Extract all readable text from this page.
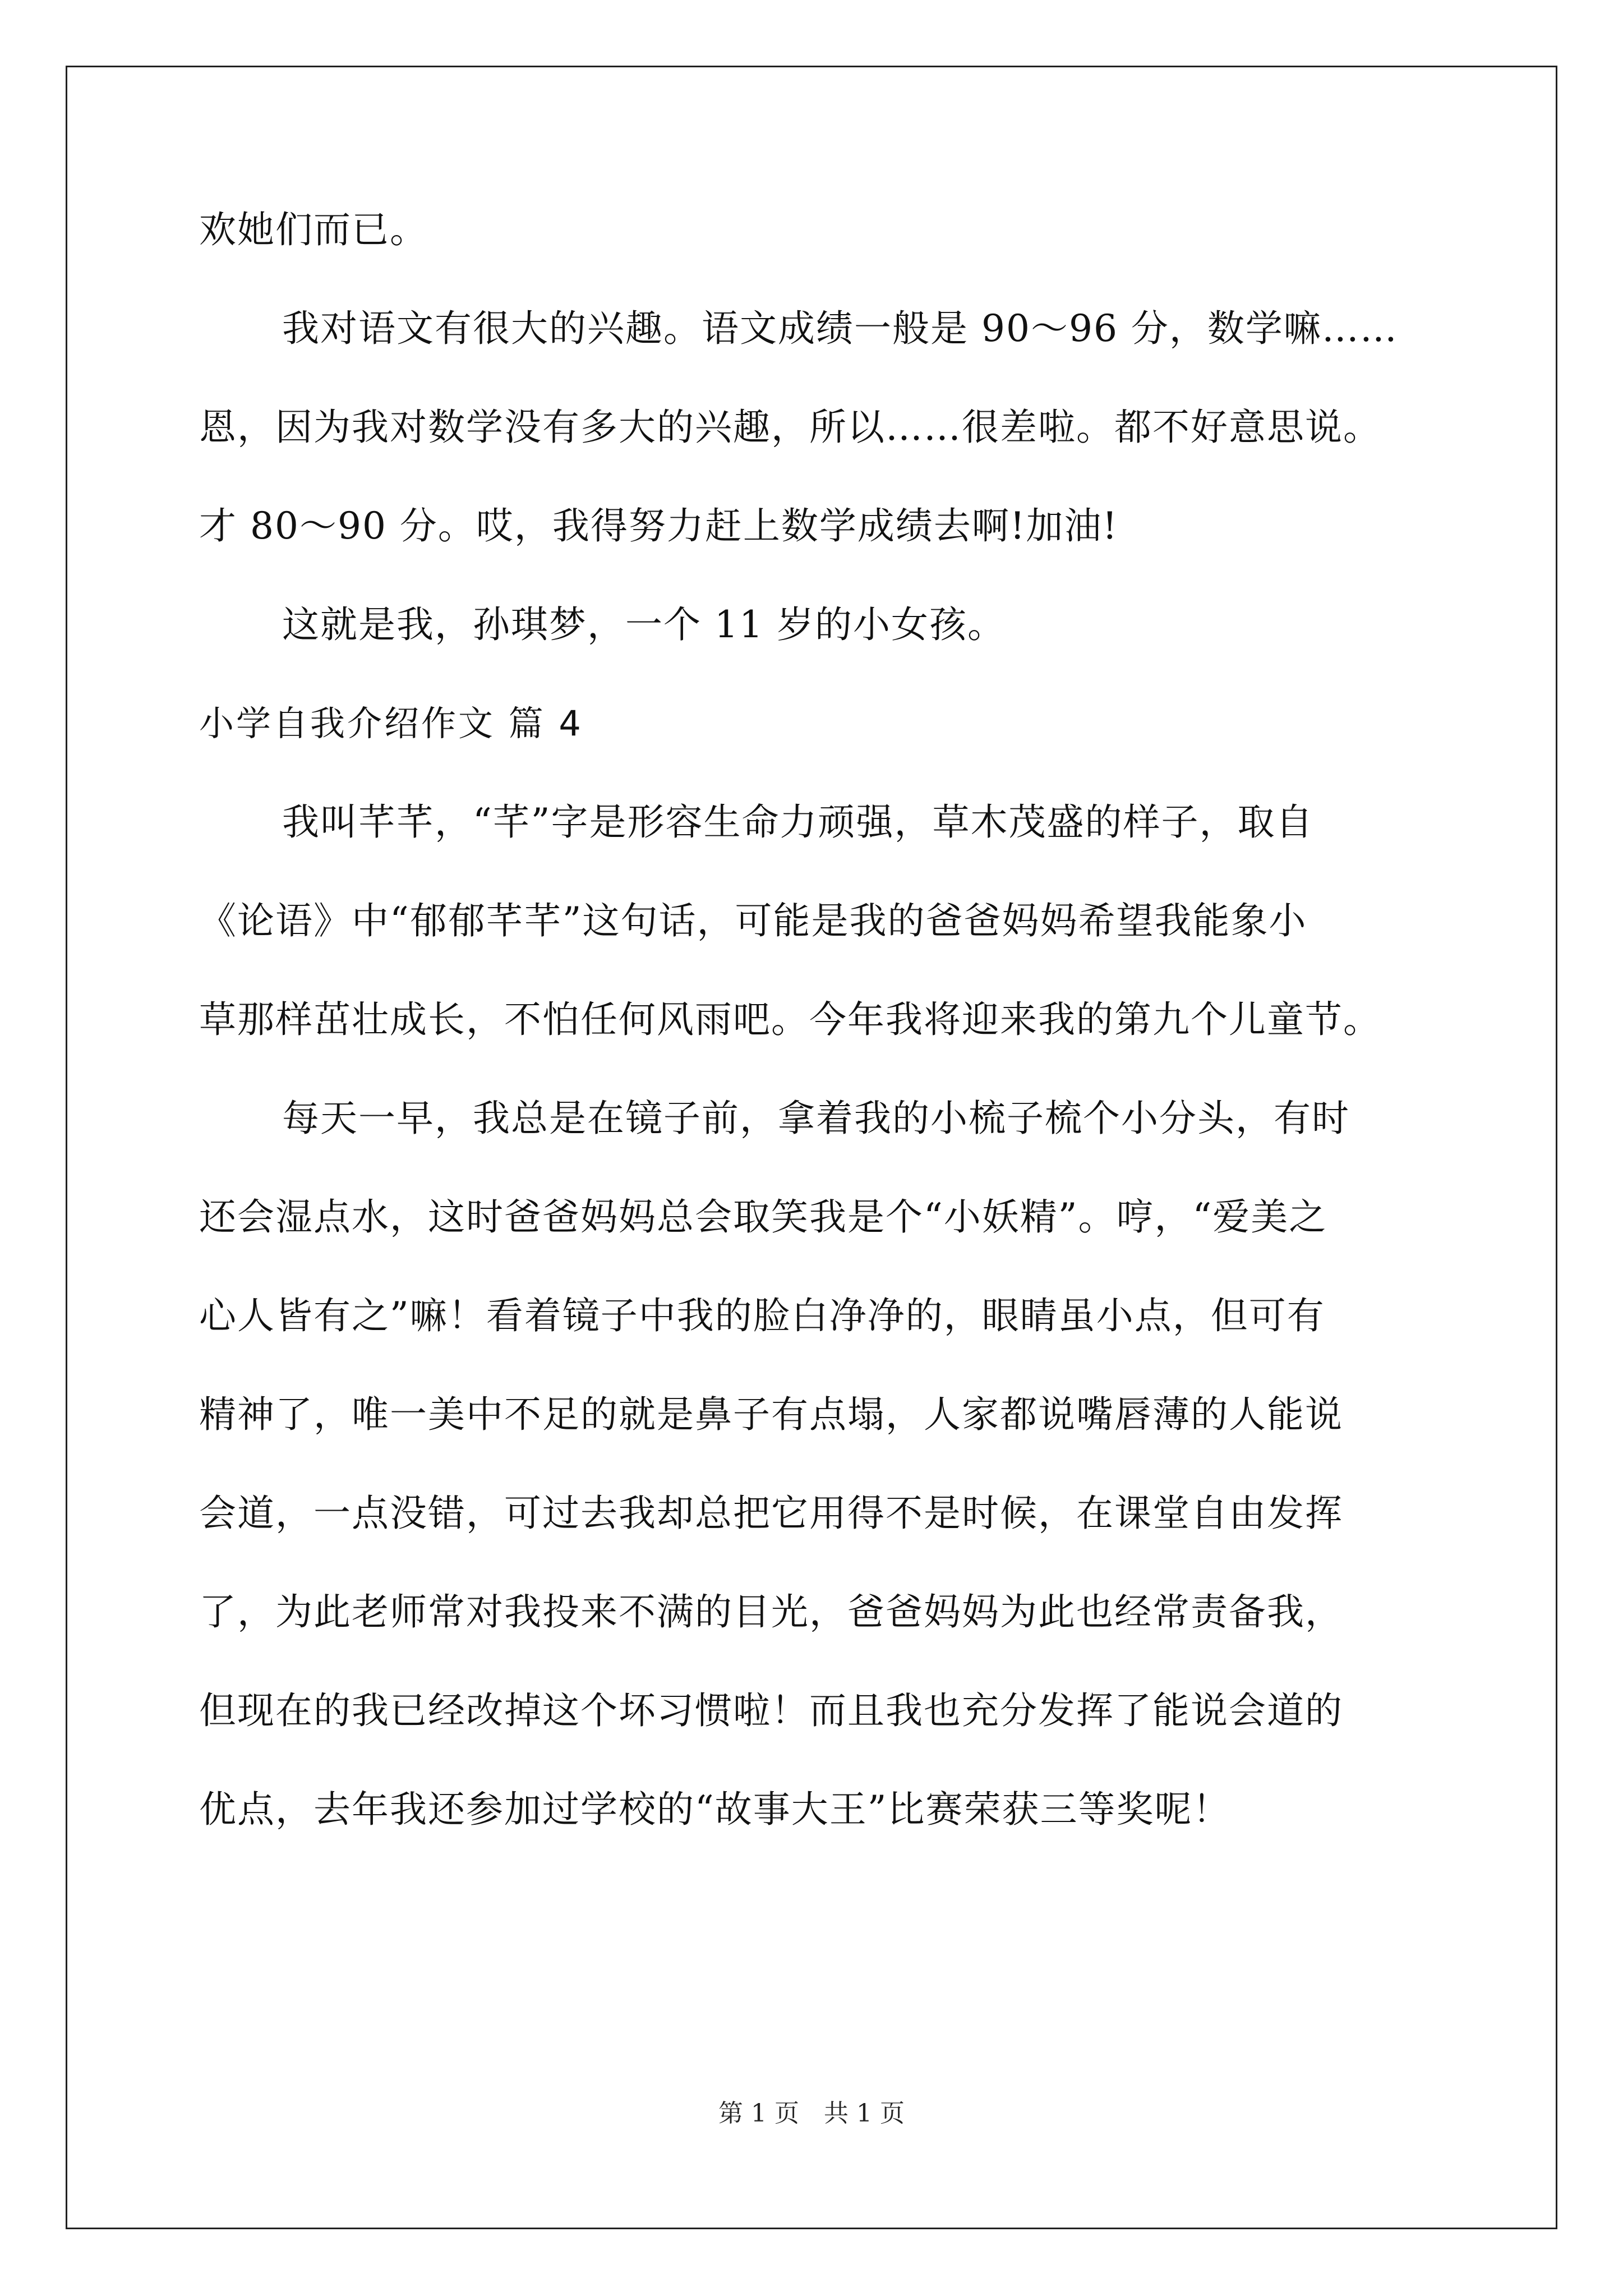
欢她们而已。
我对语文有很大的兴趣。语文成绩一般是 90～96 分，数学嘛……
恩，因为我对数学没有多大的兴趣，所以……很差啦。都不好意思说。
才 80～90 分。哎，我得努力赶上数学成绩去啊!加油!
这就是我，孙琪梦，一个 11 岁的小女孩。
小学自我介绍作文 篇 4
我叫芊芊，“芊”字是形容生命力顽强，草木茂盛的样子，取自
《论语》中“郁郁芊芊”这句话，可能是我的爸爸妈妈希望我能象小
草那样茁壮成长，不怕任何风雨吧。今年我将迎来我的第九个儿童节。
每天一早，我总是在镜子前，拿着我的小梳子梳个小分头，有时
还会湿点水，这时爸爸妈妈总会取笑我是个“小妖精”。哼，“爱美之
心人皆有之”嘛！看着镜子中我的脸白净净的，眼睛虽小点，但可有
精神了，唯一美中不足的就是鼻子有点塌，人家都说嘴唇薄的人能说
会道，一点没错，可过去我却总把它用得不是时候，在课堂自由发挥
了，为此老师常对我投来不满的目光，爸爸妈妈为此也经常责备我，
但现在的我已经改掉这个坏习惯啦！而且我也充分发挥了能说会道的
优点，去年我还参加过学校的“故事大王”比赛荣获三等奖呢！
第 1 页　共 1 页
